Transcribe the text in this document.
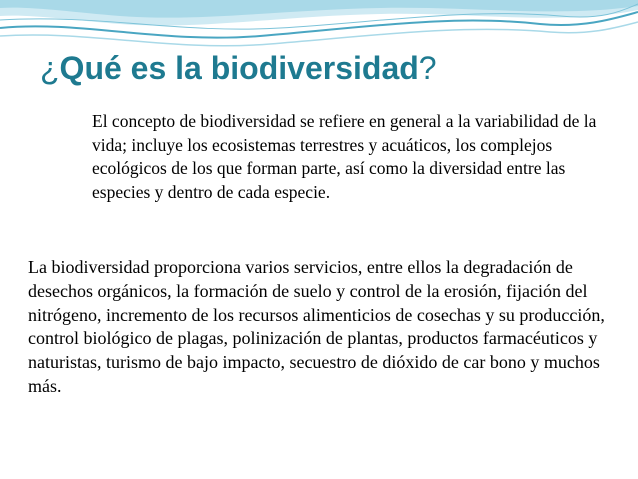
¿Qué es la biodiversidad?
El concepto de biodiversidad se refiere en general a la variabilidad de la vida; incluye los ecosistemas terrestres y acuáticos, los complejos ecológicos de los que forman parte, así como la diversidad entre las especies y dentro de cada especie.
La biodiversidad proporciona varios servicios, entre ellos la degradación de desechos orgánicos, la formación de suelo y control de la erosión, fijación del nitrógeno, incremento de los recursos alimenticios de cosechas y su producción, control biológico de plagas, polinización de plantas, productos farmacéuticos y naturistas, turismo de bajo impacto, secuestro de dióxido de car bono y muchos más.
